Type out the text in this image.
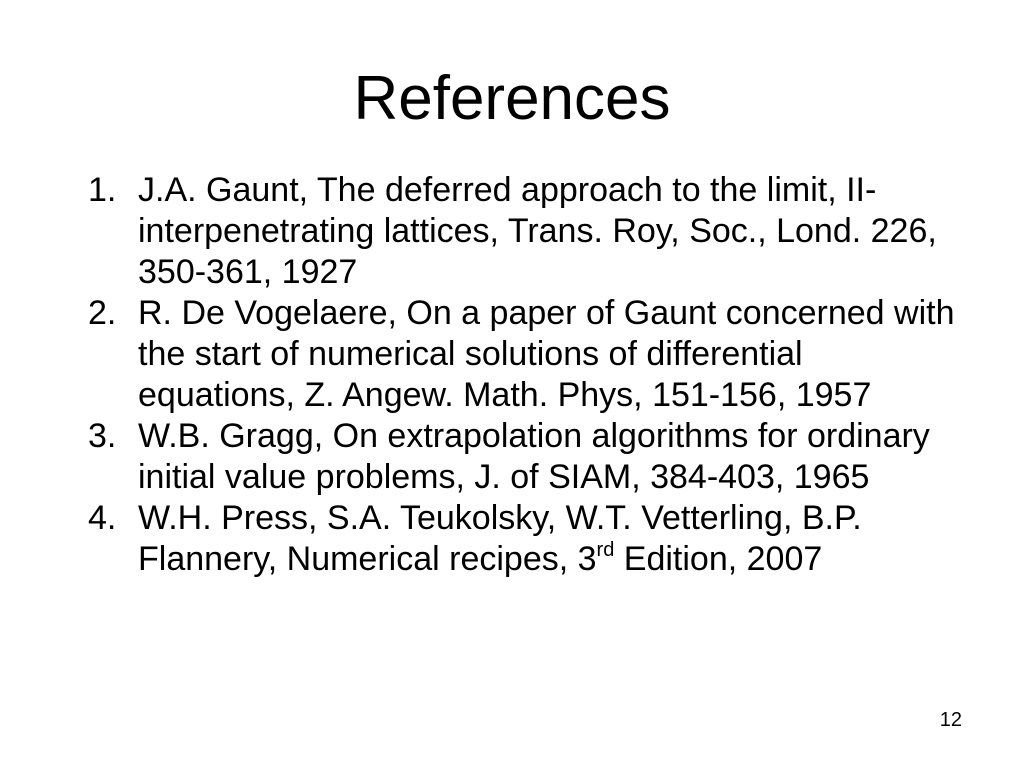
References
1. J.A. Gaunt, The deferred approach to the limit, II-
interpenetrating lattices, Trans. Roy, Soc., Lond. 226,
350-361, 1927
2. R. De Vogelaere, On a paper of Gaunt concerned with
the start of numerical solutions of differential
equations, Z. Angew. Math. Phys, 151-156, 1957
3. W.B. Gragg, On extrapolation algorithms for ordinary
initial value problems, J. of SIAM, 384-403, 1965
4. W.H. Press, S.A. Teukolsky, W.T. Vetterling, B.P.
Flannery, Numerical recipes, 3rd Edition, 2007
12
